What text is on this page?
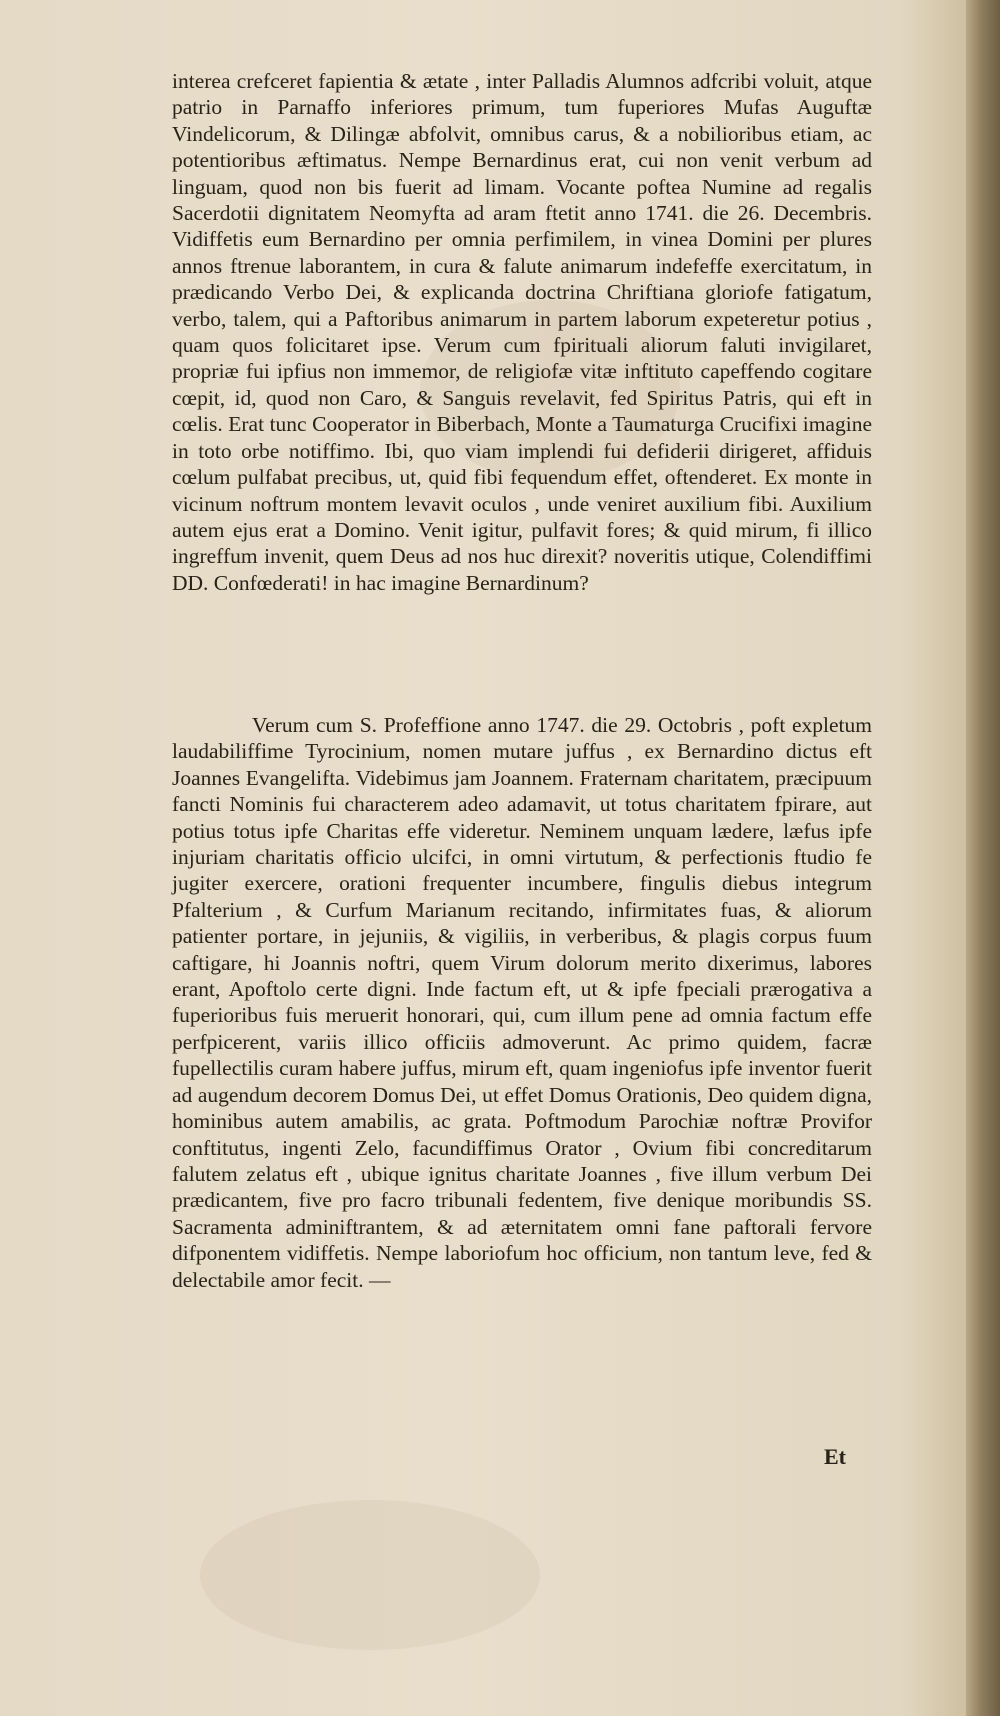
interea crefceret fapientia & ætate , inter Palladis Alumnos adfcribi voluit, atque patrio in Parnaffo inferiores primum, tum fuperiores Mufas Auguftæ Vindelicorum, & Dilingæ abfolvit, omnibus carus, & a nobilioribus etiam, ac potentioribus æftimatus. Nempe Bernardinus erat, cui non venit verbum ad linguam, quod non bis fuerit ad limam. Vocante poftea Numine ad regalis Sacerdotii dignitatem Neomyfta ad aram ftetit anno 1741. die 26. Decembris. Vidiffetis eum Bernardino per omnia perfimilem, in vinea Domini per plures annos ftrenue laborantem, in cura & falute animarum indefeffe exercitatum, in prædicando Verbo Dei, & explicanda doctrina Chriftiana gloriofe fatigatum, verbo, talem, qui a Paftoribus animarum in partem laborum expeteretur potius , quam quos folicitaret ipse. Verum cum fpirituali aliorum faluti invigilaret, propriæ fui ipfius non immemor, de religiofæ vitæ inftituto capeffendo cogitare cœpit, id, quod non Caro, & Sanguis revelavit, fed Spiritus Patris, qui eft in cœlis. Erat tunc Cooperator in Biberbach, Monte a Taumaturga Crucifixi imagine in toto orbe notiffimo. Ibi, quo viam implendi fui defiderii dirigeret, affiduis cœlum pulfabat precibus, ut, quid fibi fequendum effet, oftenderet. Ex monte in vicinum noftrum montem levavit oculos , unde veniret auxilium fibi. Auxilium autem ejus erat a Domino. Venit igitur, pulfavit fores; & quid mirum, fi illico ingreffum invenit, quem Deus ad nos huc direxit? noveritis utique, Colendiffimi DD. Confœderati! in hac imagine Bernardinum?

Verum cum S. Profeffione anno 1747. die 29. Octobris , poft expletum laudabiliffime Tyrocinium, nomen mutare juffus , ex Bernardino dictus eft Joannes Evangelifta. Videbimus jam Joannem. Fraternam charitatem, præcipuum fancti Nominis fui characterem adeo adamavit, ut totus charitatem fpirare, aut potius totus ipfe Charitas effe videretur. Neminem unquam lædere, læfus ipfe injuriam charitatis officio ulcifci, in omni virtutum, & perfectionis ftudio fe jugiter exercere, orationi frequenter incumbere, fingulis diebus integrum Pfalterium , & Curfum Marianum recitando, infirmitates fuas, & aliorum patienter portare, in jejuniis, & vigiliis, in verberibus, & plagis corpus fuum caftigare, hi Joannis noftri, quem Virum dolorum merito dixerimus, labores erant, Apoftolo certe digni. Inde factum eft, ut & ipfe fpeciali prærogativa a fuperioribus fuis meruerit honorari, qui, cum illum pene ad omnia factum effe perfpicerent, variis illico officiis admoverunt. Ac primo quidem, facræ fupellectilis curam habere juffus, mirum eft, quam ingeniofus ipfe inventor fuerit ad augendum decorem Domus Dei, ut effet Domus Orationis, Deo quidem digna, hominibus autem amabilis, ac grata. Poftmodum Parochiæ noftræ Provifor conftitutus, ingenti Zelo, facundiffimus Orator , Ovium fibi concreditarum falutem zelatus eft , ubique ignitus charitate Joannes , five illum verbum Dei prædicantem, five pro facro tribunali fedentem, five denique moribundis SS. Sacramenta adminiftrantem, & ad æternitatem omni fane paftorali fervore difponentem vidiffetis. Nempe laboriofum hoc officium, non tantum leve, fed & delectabile amor fecit. —

Et
